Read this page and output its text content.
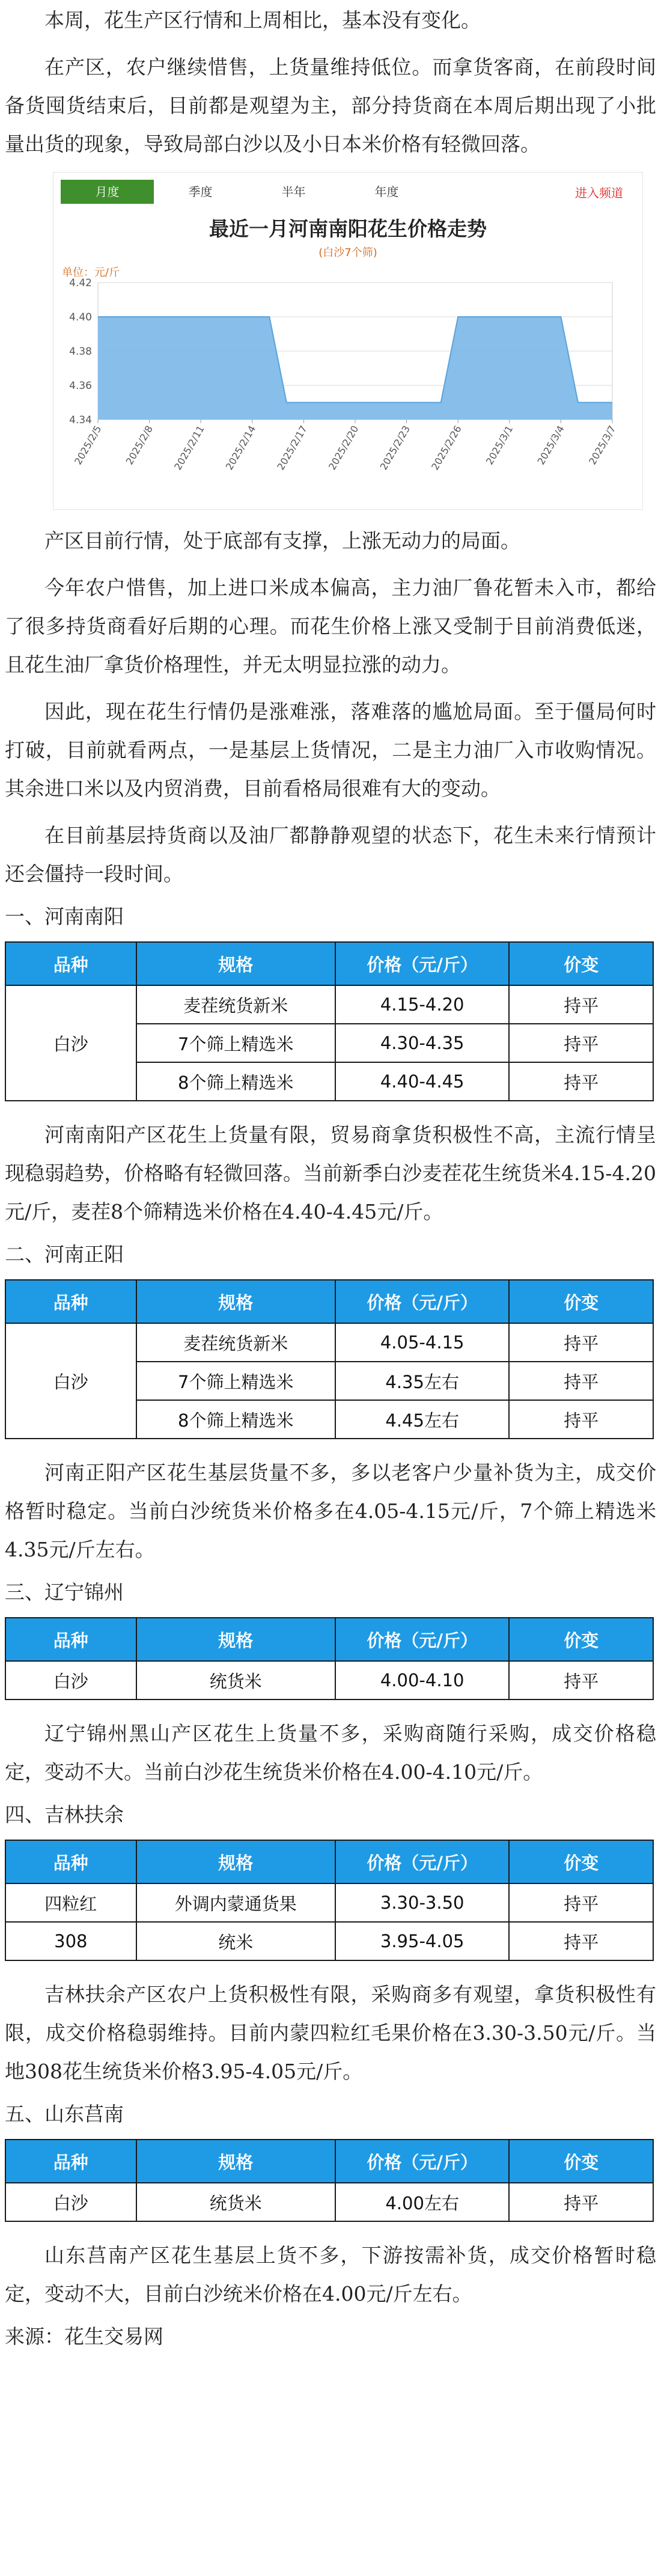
本周，花生产区行情和上周相比，基本没有变化。

在产区，农户继续惜售，上货量维持低位。而拿货客商，在前段时间备货囤货结束后，目前都是观望为主，部分持货商在本周后期出现了小批量出货的现象，导致局部白沙以及小日本米价格有轻微回落。

月度	季度	半年	年度	进入频道
最近一月河南南阳花生价格走势
(白沙7个筛)
单位：元/斤
4.42
4.40
4.38
4.36
4.34
2025/2/5 2025/2/8 2025/2/11 2025/2/14 2025/2/17 2025/2/20 2025/2/23 2025/2/26 2025/3/1 2025/3/4 2025/3/7

产区目前行情，处于底部有支撑，上涨无动力的局面。

今年农户惜售，加上进口米成本偏高，主力油厂鲁花暂未入市，都给了很多持货商看好后期的心理。而花生价格上涨又受制于目前消费低迷，且花生油厂拿货价格理性，并无太明显拉涨的动力。

因此，现在花生行情仍是涨难涨，落难落的尴尬局面。至于僵局何时打破，目前就看两点，一是基层上货情况，二是主力油厂入市收购情况。其余进口米以及内贸消费，目前看格局很难有大的变动。

在目前基层持货商以及油厂都静静观望的状态下，花生未来行情预计还会僵持一段时间。

一、河南南阳
品种	规格	价格（元/斤）	价变
白沙	麦茬统货新米	4.15-4.20	持平
	7个筛上精选米	4.30-4.35	持平
	8个筛上精选米	4.40-4.45	持平

河南南阳产区花生上货量有限，贸易商拿货积极性不高，主流行情呈现稳弱趋势，价格略有轻微回落。当前新季白沙麦茬花生统货米4.15-4.20元/斤，麦茬8个筛精选米价格在4.40-4.45元/斤。

二、河南正阳
品种	规格	价格（元/斤）	价变
白沙	麦茬统货新米	4.05-4.15	持平
	7个筛上精选米	4.35左右	持平
	8个筛上精选米	4.45左右	持平

河南正阳产区花生基层货量不多，多以老客户少量补货为主，成交价格暂时稳定。当前白沙统货米价格多在4.05-4.15元/斤，7个筛上精选米4.35元/斤左右。

三、辽宁锦州
品种	规格	价格（元/斤）	价变
白沙	统货米	4.00-4.10	持平

辽宁锦州黑山产区花生上货量不多，采购商随行采购，成交价格稳定，变动不大。当前白沙花生统货米价格在4.00-4.10元/斤。

四、吉林扶余
品种	规格	价格（元/斤）	价变
四粒红	外调内蒙通货果	3.30-3.50	持平
308	统米	3.95-4.05	持平

吉林扶余产区农户上货积极性有限，采购商多有观望，拿货积极性有限，成交价格稳弱维持。目前内蒙四粒红毛果价格在3.30-3.50元/斤。当地308花生统货米价格3.95-4.05元/斤。

五、山东莒南
品种	规格	价格（元/斤）	价变
白沙	统货米	4.00左右	持平

山东莒南产区花生基层上货不多，下游按需补货，成交价格暂时稳定，变动不大，目前白沙统米价格在4.00元/斤左右。

来源：花生交易网
